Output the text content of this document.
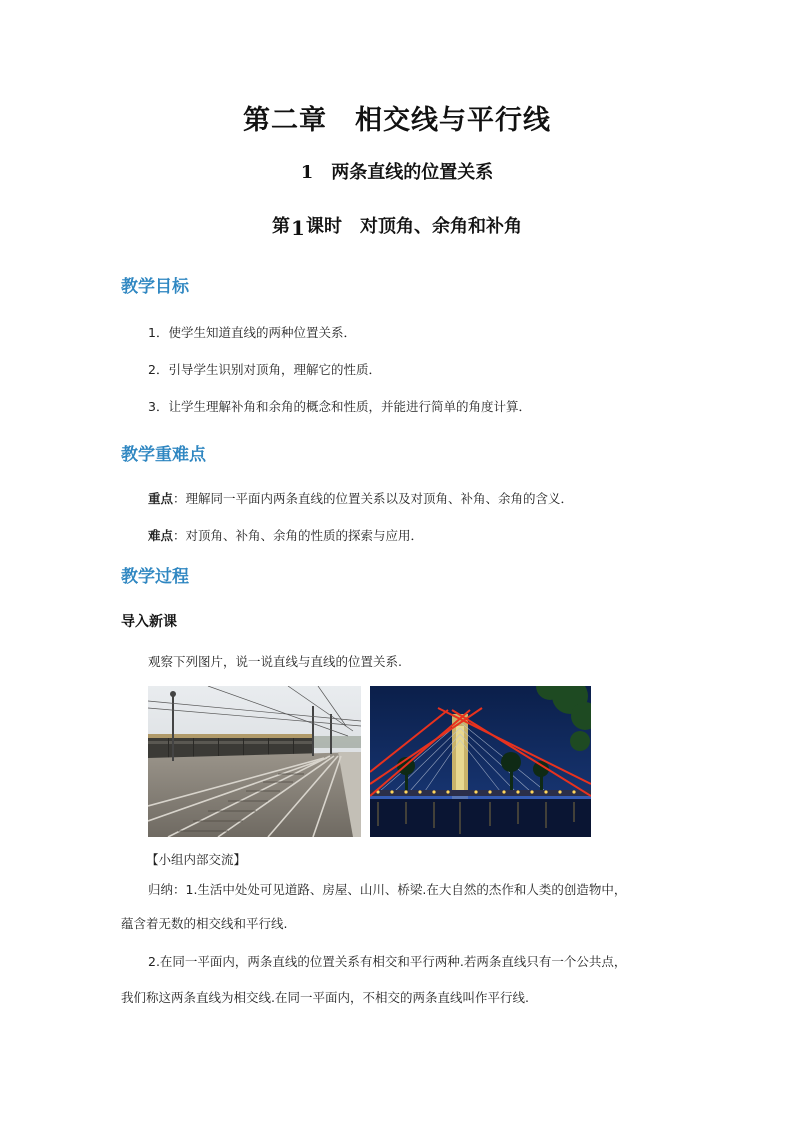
第二章　相交线与平行线
1 两条直线的位置关系
第1课时　对顶角、余角和补角
教学目标
1．使学生知道直线的两种位置关系．
2．引导学生识别对顶角，理解它的性质．
3．让学生理解补角和余角的概念和性质，并能进行简单的角度计算．
教学重难点
重点：理解同一平面内两条直线的位置关系以及对顶角、补角、余角的含义．
难点：对顶角、补角、余角的性质的探索与应用．
教学过程
导入新课
观察下列图片，说一说直线与直线的位置关系.
【小组内部交流】
归纳：1.生活中处处可见道路、房屋、山川、桥梁.在大自然的杰作和人类的创造物中，
蕴含着无数的相交线和平行线.
2.在同一平面内，两条直线的位置关系有相交和平行两种.若两条直线只有一个公共点，
我们称这两条直线为相交线.在同一平面内，不相交的两条直线叫作平行线.
